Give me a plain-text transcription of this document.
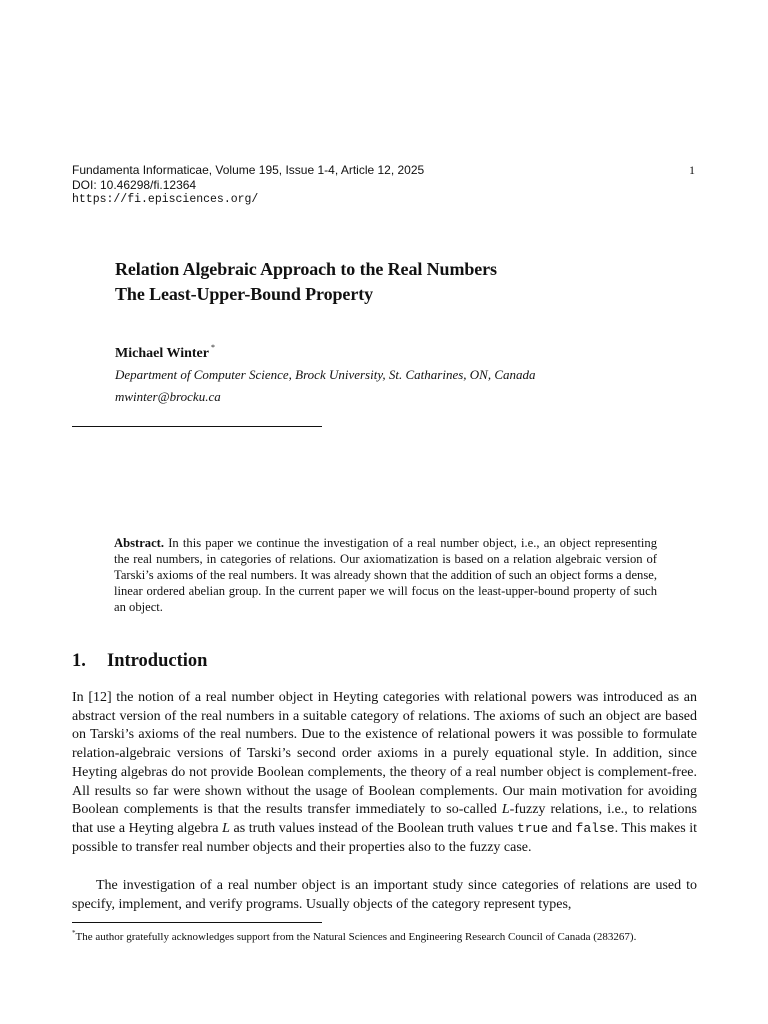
Fundamenta Informaticae, Volume 195, Issue 1-4, Article 12, 2025	1
DOI: 10.46298/fi.12364
https://fi.episciences.org/
Relation Algebraic Approach to the Real Numbers
The Least-Upper-Bound Property
Michael Winter *
Department of Computer Science, Brock University, St. Catharines, ON, Canada
mwinter@brocku.ca
Abstract. In this paper we continue the investigation of a real number object, i.e., an object representing the real numbers, in categories of relations. Our axiomatization is based on a relation algebraic version of Tarski’s axioms of the real numbers. It was already shown that the addition of such an object forms a dense, linear ordered abelian group. In the current paper we will focus on the least-upper-bound property of such an object.
1. Introduction

In [12] the notion of a real number object in Heyting categories with relational powers was introduced as an abstract version of the real numbers in a suitable category of relations. The axioms of such an object are based on Tarski’s axioms of the real numbers. Due to the existence of relational powers it was possible to formulate relation-algebraic versions of Tarski’s second order axioms in a purely equational style. In addition, since Heyting algebras do not provide Boolean complements, the theory of a real number object is complement-free. All results so far were shown without the usage of Boolean complements. Our main motivation for avoiding Boolean complements is that the results transfer immediately to so-called L-fuzzy relations, i.e., to relations that use a Heyting algebra L as truth values instead of the Boolean truth values true and false. This makes it possible to transfer real number objects and their properties also to the fuzzy case.

The investigation of a real number object is an important study since categories of relations are used to specify, implement, and verify programs. Usually objects of the category represent types,

*The author gratefully acknowledges support from the Natural Sciences and Engineering Research Council of Canada (283267).
